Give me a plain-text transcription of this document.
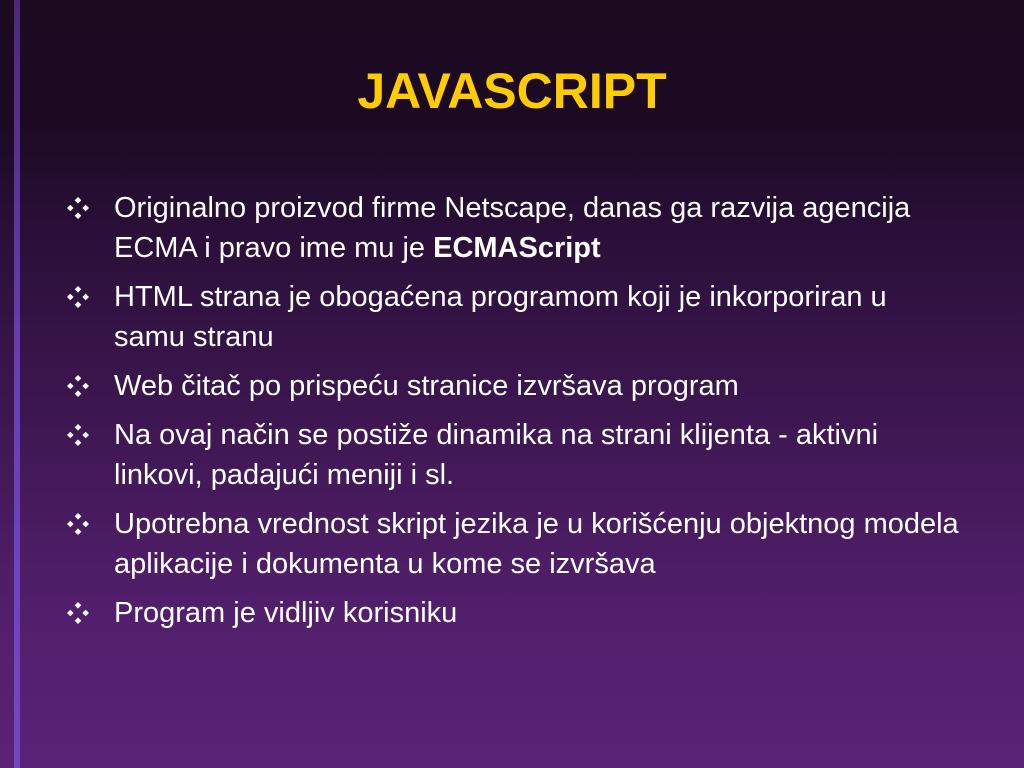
JAVASCRIPT
Originalno proizvod firme Netscape, danas ga razvija agencija ECMA i pravo ime mu je ECMAScript
HTML strana je obogaćena programom koji je inkorporiran u samu stranu
Web čitač po prispeću stranice izvršava program
Na ovaj način se postiže dinamika na strani klijenta - aktivni linkovi, padajući meniji i sl.
Upotrebna vrednost skript jezika je u korišćenju objektnog modela aplikacije i dokumenta u kome se izvršava
Program je vidljiv korisniku
